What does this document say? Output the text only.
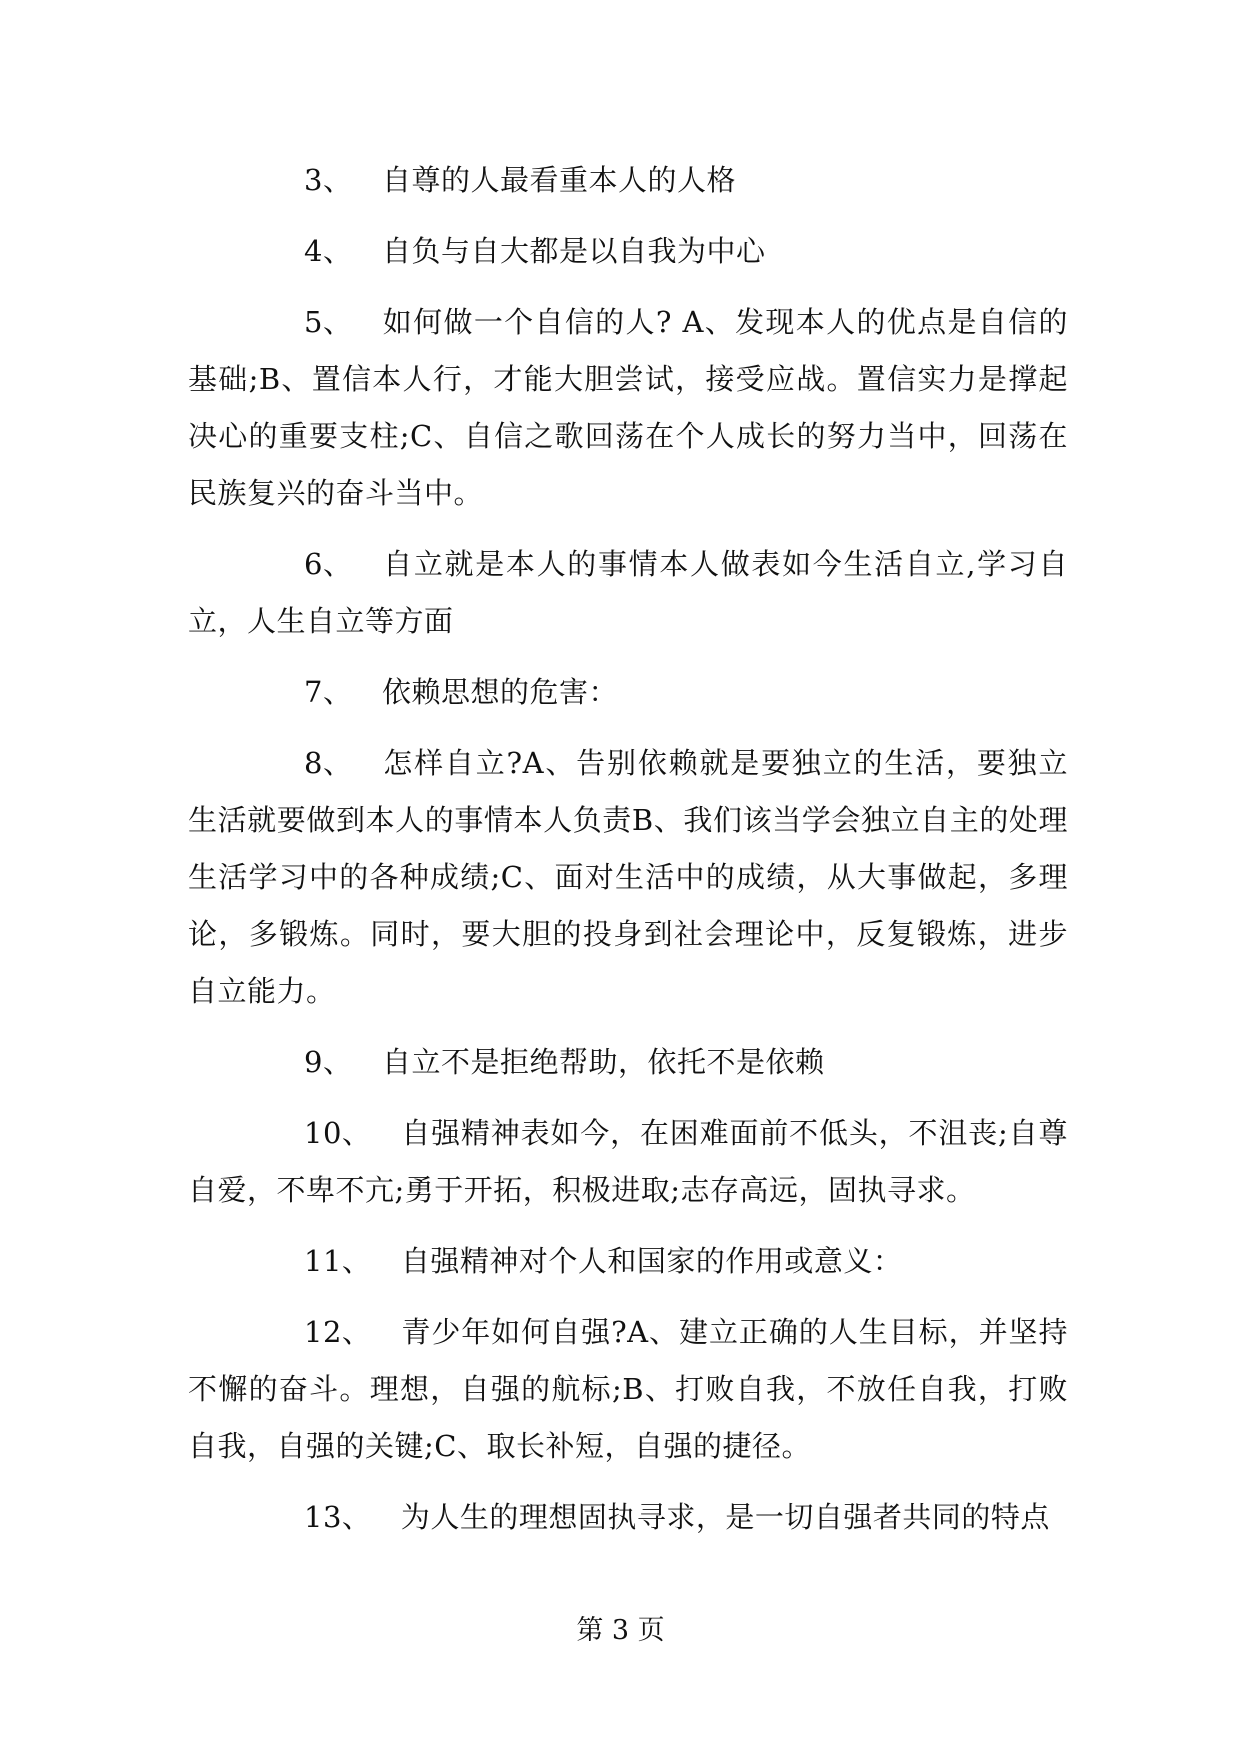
3、  自尊的人最看重本人的人格

4、  自负与自大都是以自我为中心

5、  如何做一个自信的人? A、发现本人的优点是自信的基础;B、置信本人行，才能大胆尝试，接受应战。置信实力是撑起决心的重要支柱;C、自信之歌回荡在个人成长的努力当中，回荡在民族复兴的奋斗当中。

6、  自立就是本人的事情本人做表如今生活自立,学习自立，人生自立等方面

7、  依赖思想的危害：

8、  怎样自立?A、告别依赖就是要独立的生活，要独立生活就要做到本人的事情本人负责B、我们该当学会独立自主的处理生活学习中的各种成绩;C、面对生活中的成绩，从大事做起，多理论，多锻炼。同时，要大胆的投身到社会理论中，反复锻炼，进步自立能力。

9、  自立不是拒绝帮助，依托不是依赖

10、  自强精神表如今，在困难面前不低头，不沮丧;自尊自爱，不卑不亢;勇于开拓，积极进取;志存高远，固执寻求。

11、  自强精神对个人和国家的作用或意义：

12、  青少年如何自强?A、建立正确的人生目标，并坚持不懈的奋斗。理想，自强的航标;B、打败自我，不放任自我，打败自我，自强的关键;C、取长补短，自强的捷径。

13、  为人生的理想固执寻求，是一切自强者共同的特点

第 3 页
